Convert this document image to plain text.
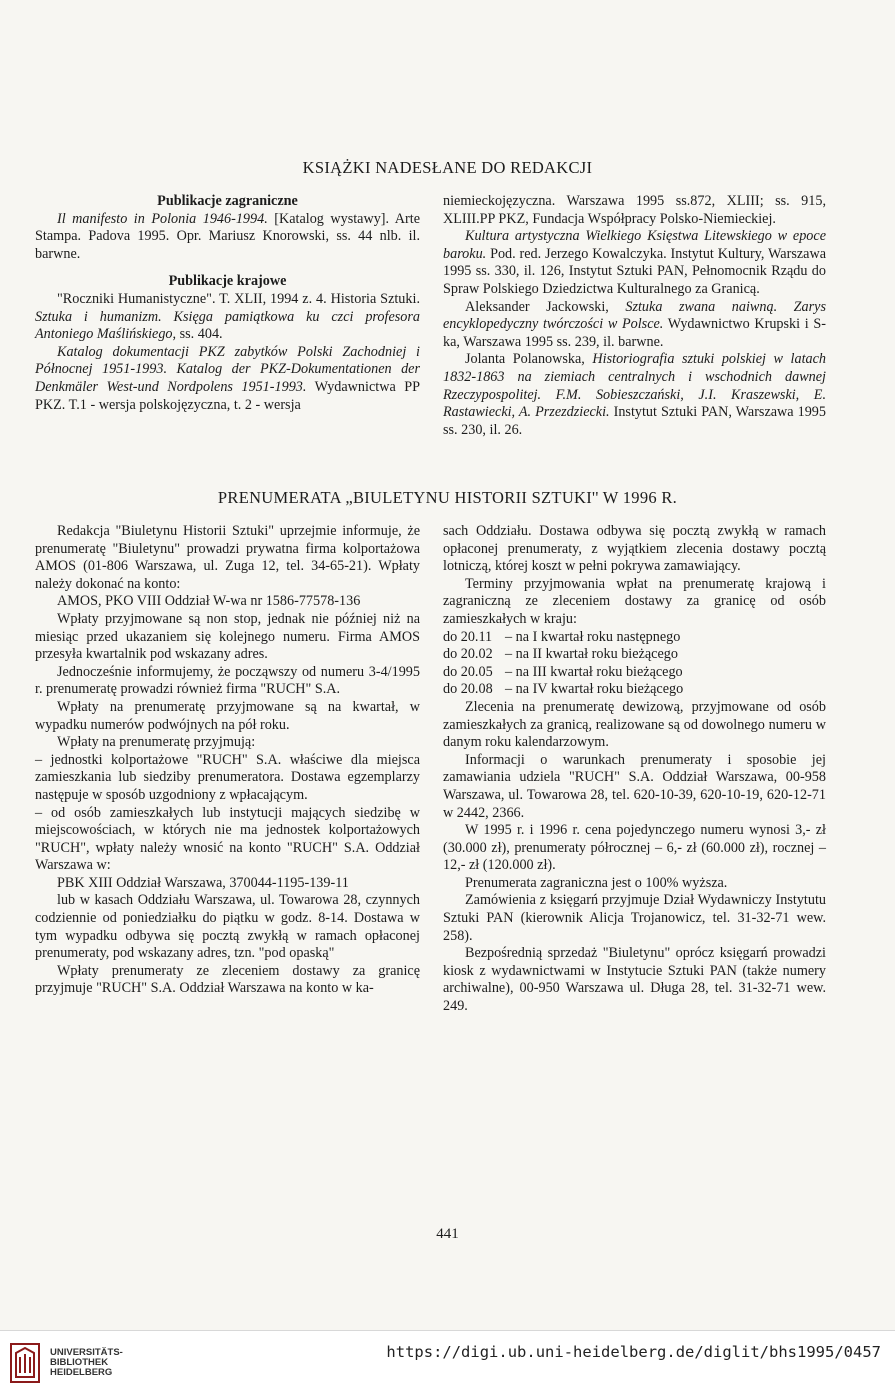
KSIĄŻKI NADESŁANE DO REDAKCJI
Publikacje zagraniczne

Il manifesto in Polonia 1946-1994. [Katalog wystawy]. Arte Stampa. Padova 1995. Opr. Mariusz Knorowski, ss. 44 nlb. il. barwne.

Publikacje krajowe

"Roczniki Humanistyczne". T. XLII, 1994 z. 4. Historia Sztuki. Sztuka i humanizm. Księga pamiątkowa ku czci profesora Antoniego Maślińskiego, ss. 404.

Katalog dokumentacji PKZ zabytków Polski Zachodniej i Północnej 1951-1993. Katalog der PKZ-Dokumentationen der Denkmäler West-und Nordpolens 1951-1993. Wydawnictwa PP PKZ. T.1 - wersja polskojęzyczna, t. 2 - wersja

niemieckojęzyczna. Warszawa 1995 ss.872, XLIII; ss. 915, XLIII.PP PKZ, Fundacja Współpracy Polsko-Niemieckiej.

Kultura artystyczna Wielkiego Księstwa Litewskiego w epoce baroku. Pod. red. Jerzego Kowalczyka. Instytut Kultury, Warszawa 1995 ss. 330, il. 126, Instytut Sztuki PAN, Pełnomocnik Rządu do Spraw Polskiego Dziedzictwa Kulturalnego za Granicą.

Aleksander Jackowski, Sztuka zwana naiwną. Zarys encyklopedyczny twórczości w Polsce. Wydawnictwo Krupski i S-ka, Warszawa 1995 ss. 239, il. barwne.

Jolanta Polanowska, Historiografia sztuki polskiej w latach 1832-1863 na ziemiach centralnych i wschodnich dawnej Rzeczypospolitej. F.M. Sobieszczański, J.I. Kraszewski, E. Rastawiecki, A. Przezdziecki. Instytut Sztuki PAN, Warszawa 1995 ss. 230, il. 26.

PRENUMERATA „BIULETYNU HISTORII SZTUKI'' W 1996 R.

Redakcja "Biuletynu Historii Sztuki" uprzejmie informuje, że prenumeratę "Biuletynu" prowadzi prywatna firma kolportażowa AMOS (01-806 Warszawa, ul. Zuga 12, tel. 34-65-21). Wpłaty należy dokonać na konto:

AMOS, PKO VIII Oddział W-wa nr 1586-77578-136

Wpłaty przyjmowane są non stop, jednak nie później niż na miesiąc przed ukazaniem się kolejnego numeru. Firma AMOS przesyła kwartalnik pod wskazany adres.

Jednocześnie informujemy, że począwszy od numeru 3-4/1995 r. prenumeratę prowadzi również firma "RUCH" S.A.

Wpłaty na prenumeratę przyjmowane są na kwartał, w wypadku numerów podwójnych na pół roku.

Wpłaty na prenumeratę przyjmują:

– jednostki kolportażowe "RUCH" S.A. właściwe dla miejsca zamieszkania lub siedziby prenumeratora. Dostawa egzemplarzy następuje w sposób uzgodniony z wpłacającym.

– od osób zamieszkałych lub instytucji mających siedzibę w miejscowościach, w których nie ma jednostek kolportażowych "RUCH", wpłaty należy wnosić na konto "RUCH" S.A. Oddział Warszawa w:

PBK XIII Oddział Warszawa, 370044-1195-139-11

lub w kasach Oddziału Warszawa, ul. Towarowa 28, czynnych codziennie od poniedziałku do piątku w godz. 8-14. Dostawa w tym wypadku odbywa się pocztą zwykłą w ramach opłaconej prenumeraty, pod wskazany adres, tzn. "pod opaską"

Wpłaty prenumeraty ze zleceniem dostawy za granicę przyjmuje "RUCH" S.A. Oddział Warszawa na konto w ka-

sach Oddziału. Dostawa odbywa się pocztą zwykłą w ramach opłaconej prenumeraty, z wyjątkiem zlecenia dostawy pocztą lotniczą, której koszt w pełni pokrywa zamawiający.

Terminy przyjmowania wpłat na prenumeratę krajową i zagraniczną ze zleceniem dostawy za granicę od osób zamieszkałych w kraju:

do 20.11 – na I kwartał roku następnego
do 20.02 – na II kwartał roku bieżącego
do 20.05 – na III kwartał roku bieżącego
do 20.08 – na IV kwartał roku bieżącego

Zlecenia na prenumeratę dewizową, przyjmowane od osób zamieszkałych za granicą, realizowane są od dowolnego numeru w danym roku kalendarzowym.

Informacji o warunkach prenumeraty i sposobie jej zamawiania udziela "RUCH" S.A. Oddział Warszawa, 00-958 Warszawa, ul. Towarowa 28, tel. 620-10-39, 620-10-19, 620-12-71 w 2442, 2366.

W 1995 r. i 1996 r. cena pojedynczego numeru wynosi 3,- zł (30.000 zł), prenumeraty półrocznej – 6,- zł (60.000 zł), rocznej – 12,- zł (120.000 zł).

Prenumerata zagraniczna jest o 100% wyższa.

Zamówienia z księgarń przyjmuje Dział Wydawniczy Instytutu Sztuki PAN (kierownik Alicja Trojanowicz, tel. 31-32-71 wew. 258).

Bezpośrednią sprzedaż "Biuletynu" oprócz księgarń prowadzi kiosk z wydawnictwami w Instytucie Sztuki PAN (także numery archiwalne), 00-950 Warszawa ul. Długa 28, tel. 31-32-71 wew. 249.

441
UNIVERSITÄTS-
BIBLIOTHEK
HEIDELBERG
https://digi.ub.uni-heidelberg.de/diglit/bhs1995/0457
